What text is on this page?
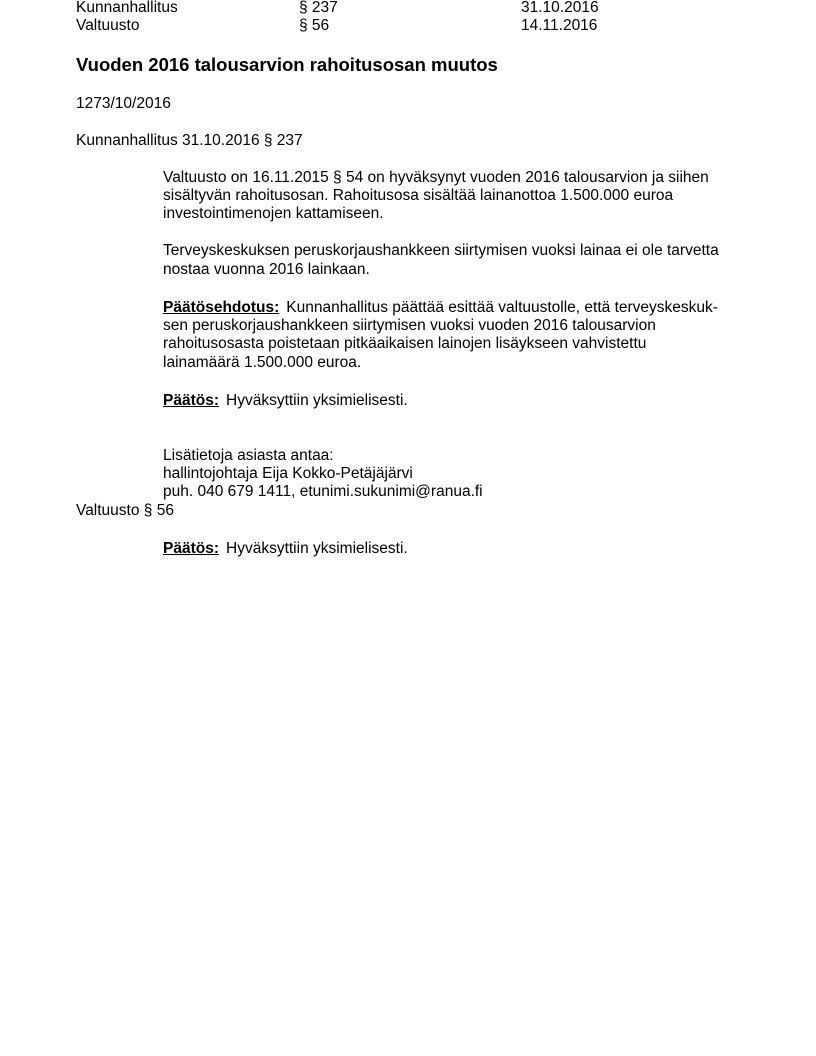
Kunnanhallitus	§ 237	31.10.2016
Valtuusto	§ 56	14.11.2016
Vuoden 2016 talousarvion rahoitusosan muutos
1273/10/2016
Kunnanhallitus 31.10.2016 § 237
Valtuusto on 16.11.2015 § 54 on hyväksynyt vuoden 2016 talousarvion ja siihen
sisältyvän rahoitusosan. Rahoitusosa sisältää lainanottoa 1.500.000 euroa
investointimenojen kattamiseen.
Terveyskeskuksen peruskorjaushankkeen siirtymisen vuoksi lainaa ei ole tarvetta
nostaa vuonna 2016 lainkaan.
Päätösehdotus: Kunnanhallitus päättää esittää valtuustolle, että terveyskeskuk-
sen peruskorjaushankkeen siirtymisen vuoksi vuoden 2016 talousarvion
rahoitusosasta poistetaan pitkäaikaisen lainojen lisäykseen vahvistettu
lainamäärä 1.500.000 euroa.
Päätös: Hyväksyttiin yksimielisesti.
Lisätietoja asiasta antaa:
hallintojohtaja Eija Kokko-Petäjäjärvi
puh. 040 679 1411, etunimi.sukunimi@ranua.fi
Valtuusto § 56
Päätös: Hyväksyttiin yksimielisesti.
